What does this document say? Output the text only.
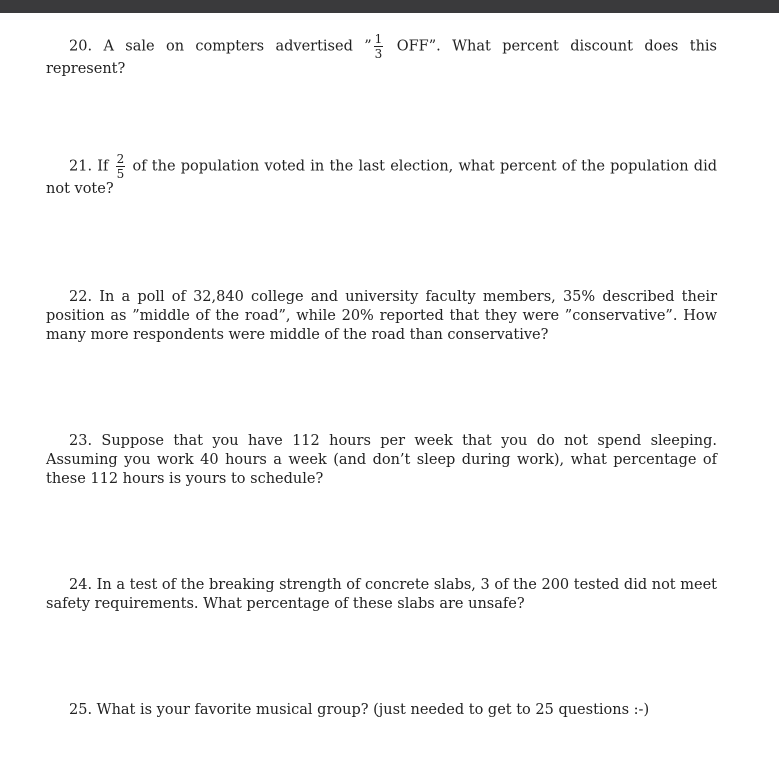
20. A sale on compters advertised ” $\frac{1}{3}$ OFF”. What percent discount does this represent?
21. If $\frac{2}{5}$ of the population voted in the last election, what percent of the population did not vote?
22. In a poll of 32,840 college and university faculty members, 35% described their position as ”middle of the road”, while 20% reported that they were ”conservative”. How many more respondents were middle of the road than conservative?
23. Suppose that you have 112 hours per week that you do not spend sleeping. Assuming you work 40 hours a week (and don’t sleep during work), what percentage of these 112 hours is yours to schedule?
24. In a test of the breaking strength of concrete slabs, 3 of the 200 tested did not meet safety requirements. What percentage of these slabs are unsafe?
25. What is your favorite musical group? (just needed to get to 25 questions :-)
